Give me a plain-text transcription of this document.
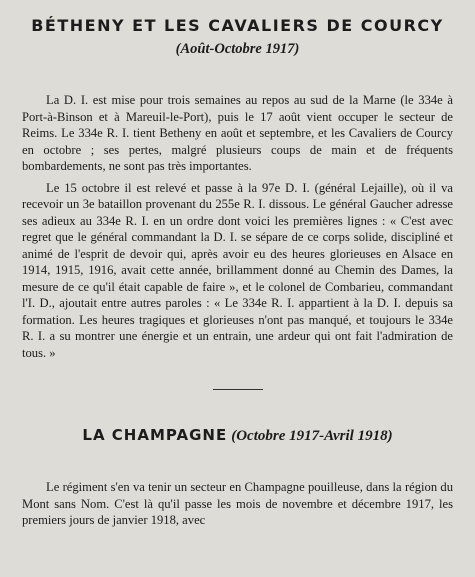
BÉTHENY ET LES CAVALIERS DE COURCY
(Août-Octobre 1917)

La D. I. est mise pour trois semaines au repos au sud de la Marne (le 334e à Port-à-Binson et à Mareuil-le-Port), puis le 17 août vient occuper le secteur de Reims. Le 334e R. I. tient Betheny en août et septembre, et les Cavaliers de Courcy en octobre ; ses pertes, malgré plusieurs coups de main et de fréquents bombardements, ne sont pas très importantes.

Le 15 octobre il est relevé et passe à la 97e D. I. (général Lejaille), où il va recevoir un 3e bataillon provenant du 255e R. I. dissous. Le général Gaucher adresse ses adieux au 334e R. I. en un ordre dont voici les premières lignes : « C'est avec regret que le général commandant la D. I. se sépare de ce corps solide, discipliné et animé de l'esprit de devoir qui, après avoir eu des heures glorieuses en Alsace en 1914, 1915, 1916, avait cette année, brillamment donné au Chemin des Dames, la mesure de ce qu'il était capable de faire », et le colonel de Combarieu, commandant l'I. D., ajoutait entre autres paroles : « Le 334e R. I. appartient à la D. I. depuis sa formation. Les heures tragiques et glorieuses n'ont pas manqué, et toujours le 334e R. I. a su montrer une énergie et un entrain, une ardeur qui ont fait l'admiration de tous. »

LA CHAMPAGNE (Octobre 1917-Avril 1918)

Le régiment s'en va tenir un secteur en Champagne pouilleuse, dans la région du Mont sans Nom. C'est là qu'il passe les mois de novembre et décembre 1917, les premiers jours de janvier 1918, avec
